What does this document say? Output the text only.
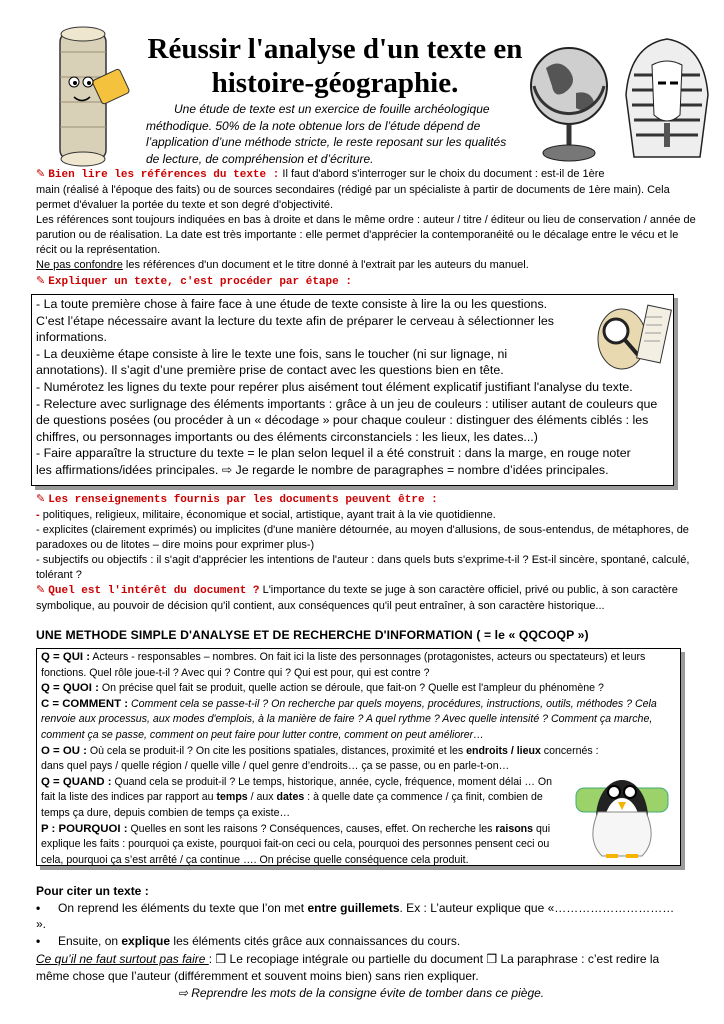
Réussir l'analyse d'un texte en histoire-géographie.
Une étude de texte est un exercice de fouille archéologique méthodique. 50% de la note obtenue lors de l’étude dépend de l’application d’une méthode stricte, le reste reposant sur les qualités de lecture, de compréhension et d’écriture.
✎ Bien lire les références du texte : Il faut d'abord s'interroger sur le choix du document : est-il de 1ère
main (réalisé à l'époque des faits) ou de sources secondaires (rédigé par un spécialiste à partir de documents de 1ère main). Cela permet d'évaluer la portée du texte et son degré d'objectivité.
Les références sont toujours indiquées en bas à droite et dans le même ordre : auteur / titre / éditeur ou lieu de conservation / année de parution ou de réalisation. La date est très importante : elle permet d'apprécier la contemporanéité ou le décalage entre le vécu et le récit ou la représentation.
Ne pas confondre les références d'un document et le titre donné à l'extrait par les auteurs du manuel.
✎ Expliquer un texte, c'est procéder par étape :
- La toute première chose à faire face à une étude de texte consiste à lire la ou les questions.
C’est l’étape nécessaire avant la lecture du texte afin de préparer le cerveau à sélectionner les
informations.
- La deuxième étape consiste à lire le texte une fois, sans le toucher (ni sur lignage, ni
annotations). Il s’agit d’une première prise de contact avec les questions bien en tête.
- Numérotez les lignes du texte pour repérer plus aisément tout élément explicatif justifiant l'analyse du texte.
- Relecture avec surlignage des éléments importants : grâce à un jeu de couleurs : utiliser autant de couleurs que
de questions posées (ou procéder à un « décodage » pour chaque couleur : distinguer des éléments ciblés : les
chiffres, ou personnages importants ou des éléments circonstanciels : les lieux, les dates...)
- Faire apparaître la structure du texte = le plan selon lequel il a été construit : dans la marge, en rouge noter
les affirmations/idées principales. ⇨ Je regarde le nombre de paragraphes = nombre d’idées principales.
✎ Les renseignements fournis par les documents peuvent être :
- politiques, religieux, militaire, économique et social, artistique, ayant trait à la vie quotidienne.
- explicites (clairement exprimés) ou implicites (d'une manière détournée, au moyen d'allusions, de sous-entendus, de métaphores, de paradoxes ou de litotes – dire moins pour exprimer plus-)
- subjectifs ou objectifs : il s'agit d'apprécier les intentions de l'auteur : dans quels buts s'exprime-t-il ? Est-il sincère, spontané, calculé, tolérant ?
✎ Quel est l'intérêt du document ? L'importance du texte se juge à son caractère officiel, privé ou public, à son caractère symbolique, au pouvoir de décision qu'il contient, aux conséquences qu'il peut entraîner, à son caractère historique...
UNE METHODE SIMPLE D'ANALYSE ET DE RECHERCHE D'INFORMATION ( = le « QQCOQP »)
Q = QUI : Acteurs - responsables – nombres. On fait ici la liste des personnages (protagonistes, acteurs ou spectateurs) et leurs fonctions. Quel rôle joue-t-il ? Avec qui ? Contre qui ? Qui est pour, qui est contre ?
Q = QUOI : On précise quel fait se produit, quelle action se déroule, que fait-on ? Quelle est l'ampleur du phénomène ?
C = COMMENT : Comment cela se passe-t-il ? On recherche par quels moyens, procédures, instructions, outils, méthodes ? Cela renvoie aux processus, aux modes d'emplois, à la manière de faire ? A quel rythme ? Avec quelle intensité ? Comment ça marche, comment ça se passe, comment on peut faire pour lutter contre, comment on peut améliorer…
O = OU : Où cela se produit-il ? On cite les positions spatiales, distances, proximité et les endroits / lieux concernés : dans quel pays / quelle région / quelle ville / quel genre d’endroits… ça se passe, ou en parle-t-on…
Q = QUAND : Quand cela se produit-il ? Le temps, historique, année, cycle, fréquence, moment délai … On fait la liste des indices par rapport au temps / aux dates : à quelle date ça commence / ça finit, combien de temps ça dure, depuis combien de temps ça existe…
P : POURQUOI : Quelles en sont les raisons ? Conséquences, causes, effet. On recherche les raisons qui explique les faits : pourquoi ça existe, pourquoi fait-on ceci ou cela, pourquoi des personnes pensent ceci ou cela, pourquoi ça s’est arrêté / ça continue …. On précise quelle conséquence cela produit.
Pour citer un texte :
• On reprend les éléments du texte que l’on met entre guillemets. Ex : L’auteur explique que «………………………… ».
• Ensuite, on explique les éléments cités grâce aux connaissances du cours.
Ce qu’il ne faut surtout pas faire : ❒ Le recopiage intégrale ou partielle du document ❒ La paraphrase : c’est redire la même chose que l’auteur (différemment et souvent moins bien) sans rien expliquer.
⇨ Reprendre les mots de la consigne évite de tomber dans ce piège.
